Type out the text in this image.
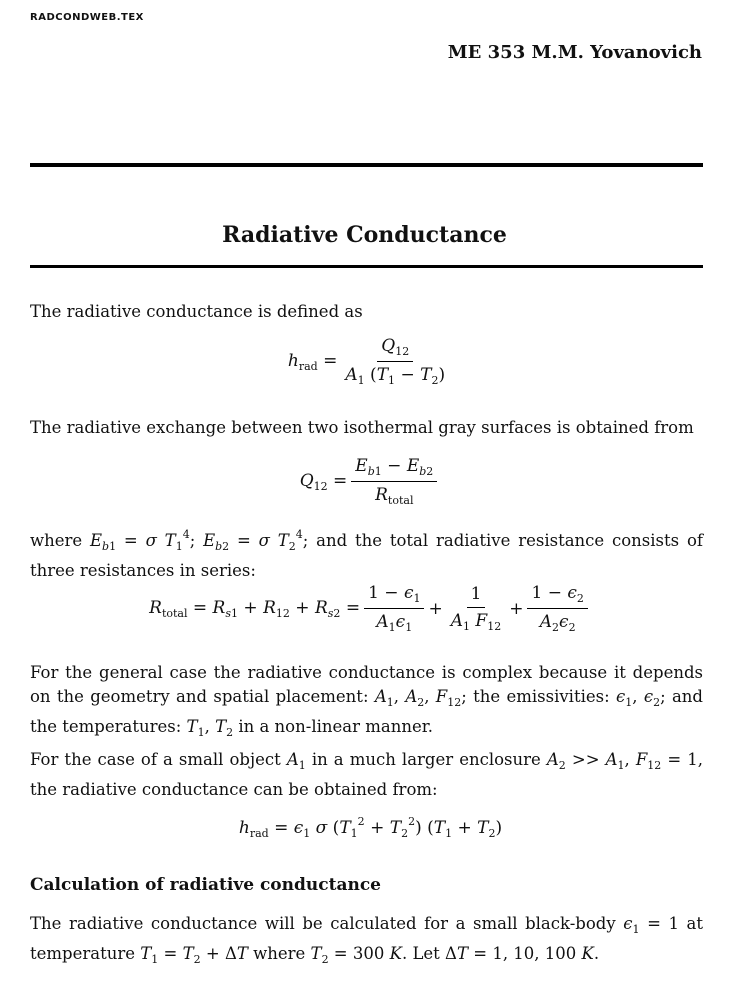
RADCONDWEB.TEX
ME 353 M.M. Yovanovich
Radiative Conductance

The radiative conductance is defined as

$h_{rad} = \frac{Q_{12}}{A_1 (T_1 - T_2)}$

The radiative exchange between two isothermal gray surfaces is obtained from

$Q_{12} = \frac{E_{b1} - E_{b2}}{R_{total}}$

where $E_{b1} = \sigma$ $T_1^4$; $E_{b2} = \sigma$ $T_2^4$; and the total radiative resistance consists of three resistances in series:

$R_{total} = R_{s1} + R_{12} + R_{s2} = \frac{1 - \epsilon_1}{A_1\epsilon_1} + \frac{1}{A_1 F_{12}} + \frac{1 - \epsilon_2}{A_2\epsilon_2}$

For the general case the radiative conductance is complex because it depends on the geometry and spatial placement: $A_1$, $A_2$, $F_{12}$; the emissivities: $\epsilon_1$, $\epsilon_2$; and the temperatures: $T_1$, $T_2$ in a non-linear manner.

For the case of a small object $A_1$ in a much larger enclosure $A_2 >> A_1$, $F_{12} = 1$, the radiative conductance can be obtained from:

$h_{rad} = \epsilon_1$ σ $(T_1^2 + T_2^2) (T_1 + T_2)$
Calculation of radiative conductance

The radiative conductance will be calculated for a small black-body $\epsilon_1 = 1$ at temperature $T_1 = T_2 + \Delta T$ where $T_2 = 300$ K. Let ΔT = 1, 10, 100 K.
